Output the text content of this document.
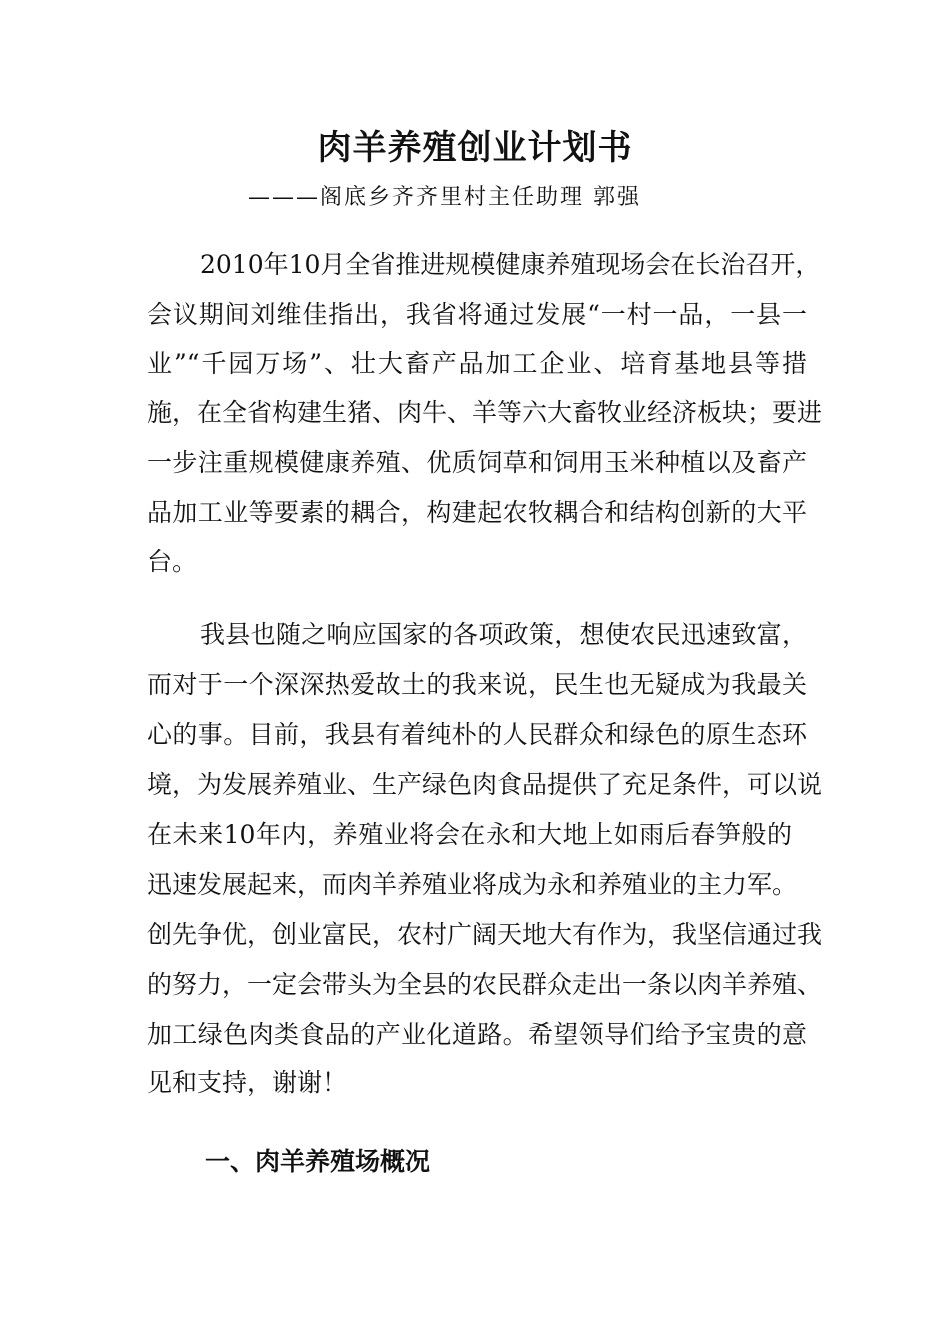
肉羊养殖创业计划书
———阁底乡齐齐里村主任助理 郭强
2010年10月全省推进规模健康养殖现场会在长治召开，
会议期间刘维佳指出，我省将通过发展“一村一品，一县一
业”“千园万场”、壮大畜产品加工企业、培育基地县等措
施，在全省构建生猪、肉牛、羊等六大畜牧业经济板块；要进
一步注重规模健康养殖、优质饲草和饲用玉米种植以及畜产
品加工业等要素的耦合，构建起农牧耦合和结构创新的大平
台。
我县也随之响应国家的各项政策，想使农民迅速致富，
而对于一个深深热爱故土的我来说，民生也无疑成为我最关
心的事。目前，我县有着纯朴的人民群众和绿色的原生态环
境，为发展养殖业、生产绿色肉食品提供了充足条件，可以说
在未来10年内，养殖业将会在永和大地上如雨后春笋般的
迅速发展起来，而肉羊养殖业将成为永和养殖业的主力军。
创先争优，创业富民，农村广阔天地大有作为，我坚信通过我
的努力，一定会带头为全县的农民群众走出一条以肉羊养殖、
加工绿色肉类食品的产业化道路。希望领导们给予宝贵的意
见和支持，谢谢！
一、肉羊养殖场概况
